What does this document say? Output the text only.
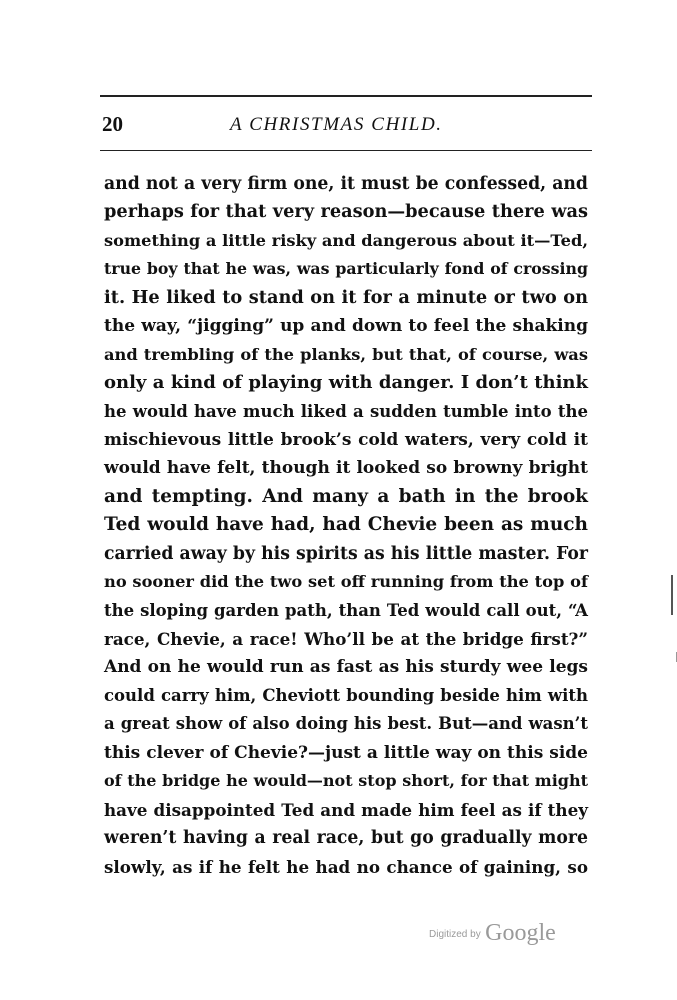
20	A CHRISTMAS CHILD.
and not a very firm one, it must be confessed, and
perhaps for that very reason—because there was
something a little risky and dangerous about it—Ted,
true boy that he was, was particularly fond of crossing
it. He liked to stand on it for a minute or two on
the way, “jigging” up and down to feel the shaking
and trembling of the planks, but that, of course, was
only a kind of playing with danger. I don’t think
he would have much liked a sudden tumble into the
mischievous little brook’s cold waters, very cold it
would have felt, though it looked so browny bright
and tempting. And many a bath in the brook
Ted would have had, had Chevie been as much
carried away by his spirits as his little master. For
no sooner did the two set off running from the top of
the sloping garden path, than Ted would call out, “A
race, Chevie, a race! Who’ll be at the bridge first?”
And on he would run as fast as his sturdy wee legs
could carry him, Cheviott bounding beside him with
a great show of also doing his best. But—and wasn’t
this clever of Chevie?—just a little way on this side
of the bridge he would—not stop short, for that might
have disappointed Ted and made him feel as if they
weren’t having a real race, but go gradually more
slowly, as if he felt he had no chance of gaining, so
Digitized by Google
